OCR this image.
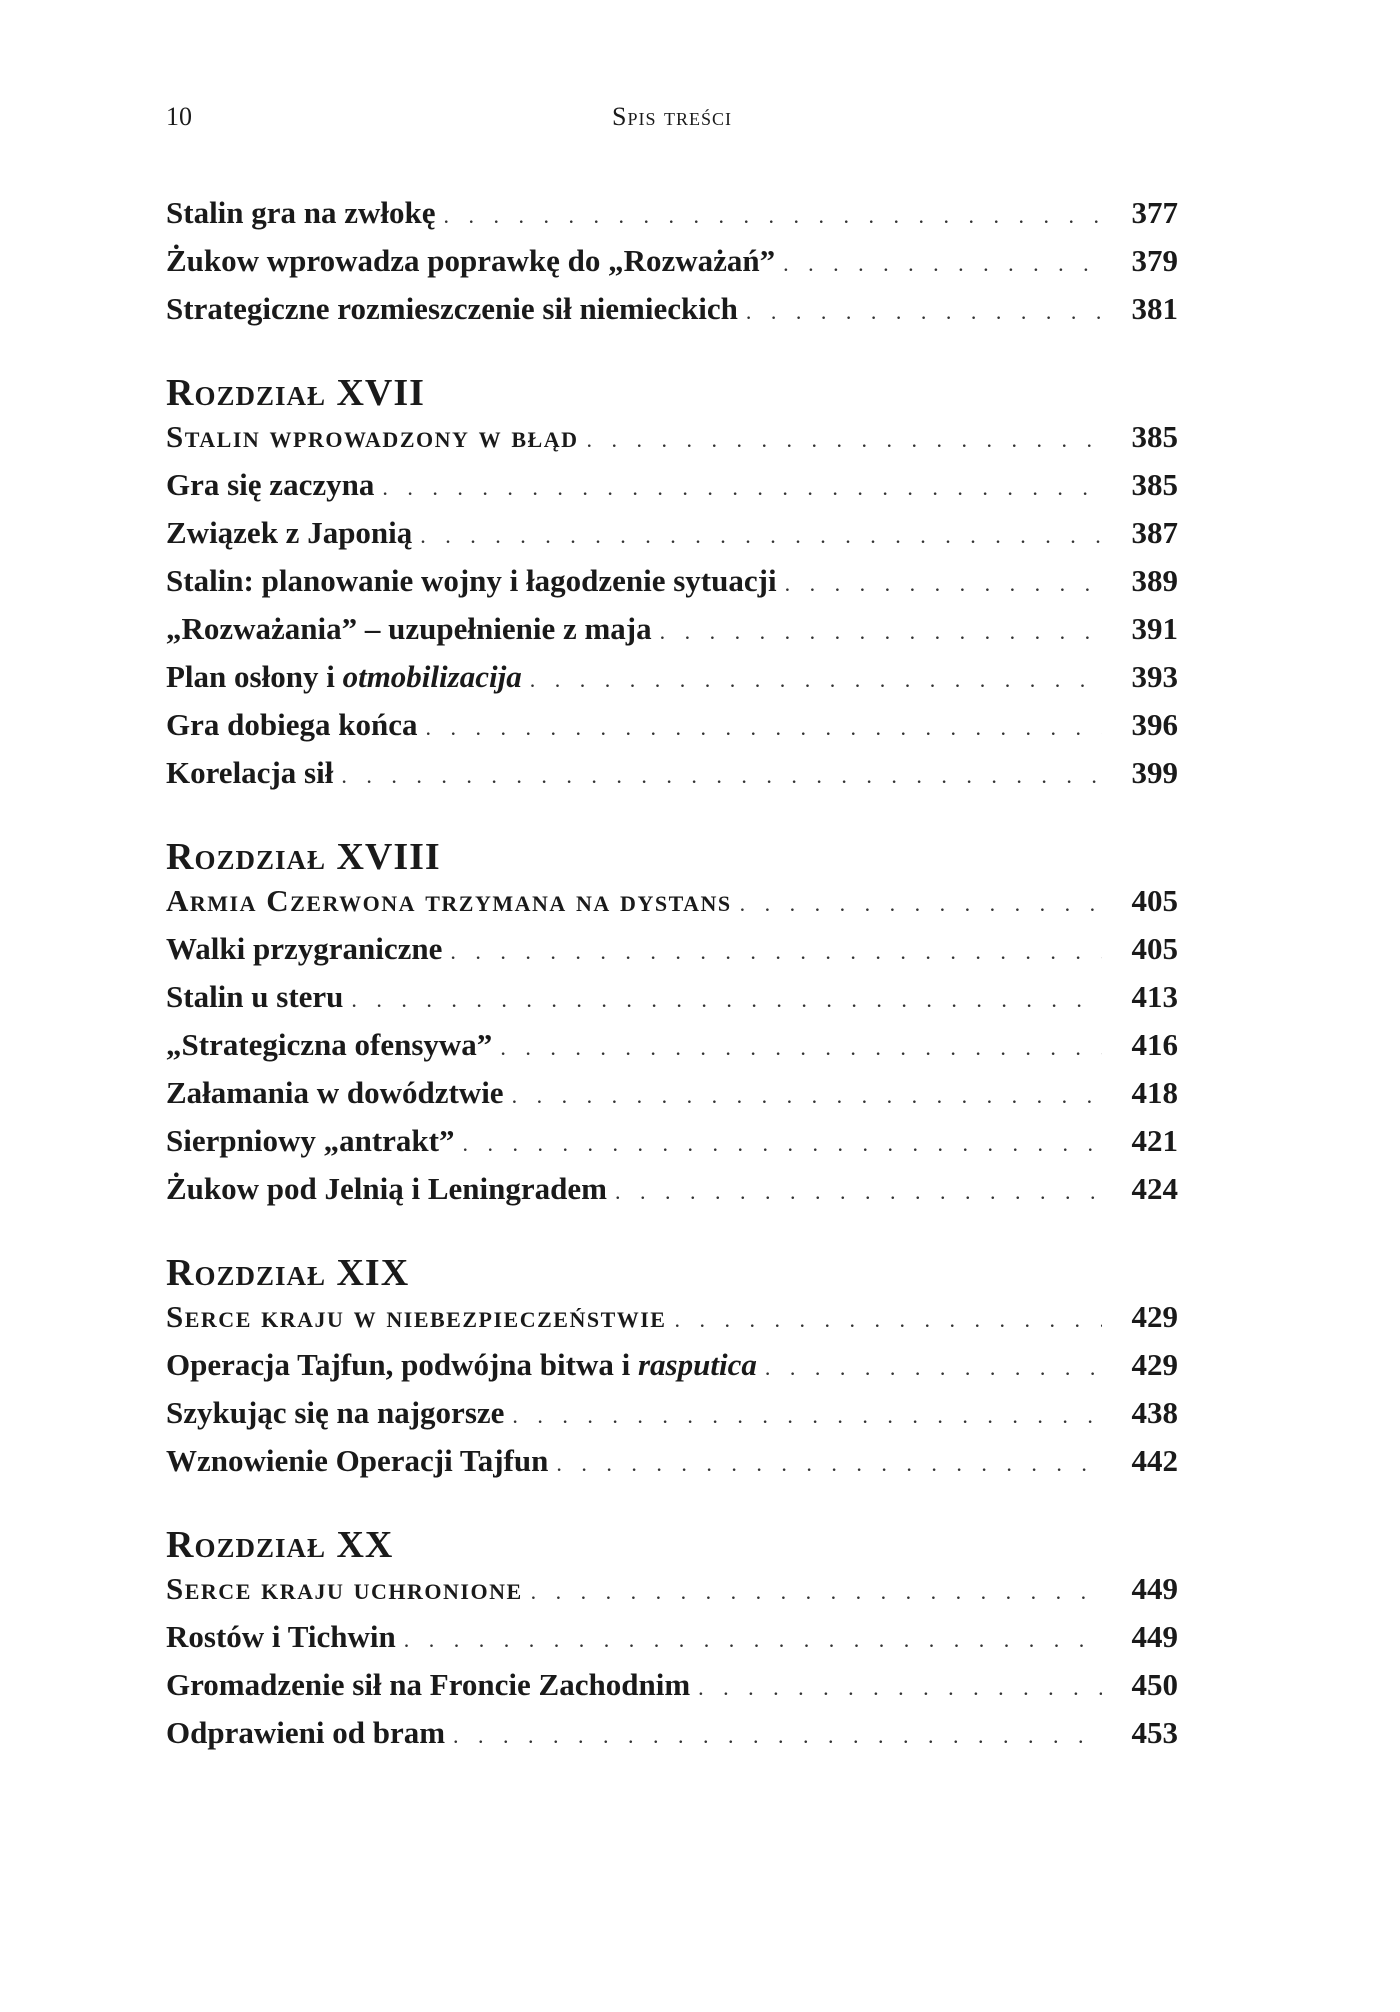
10	Spis treści
Stalin gra na zwłokę . . .	377
Żukow wprowadza poprawkę do „Rozważań” . . .	379
Strategiczne rozmieszczenie sił niemieckich . . .	381
Rozdział XVII
Stalin wprowadzony w błąd . . .	385
Gra się zaczyna . . .	385
Związek z Japonią . . .	387
Stalin: planowanie wojny i łagodzenie sytuacji . . .	389
„Rozważania” – uzupełnienie z maja . . .	391
Plan osłony i otmobilizacija . . .	393
Gra dobiega końca . . .	396
Korelacja sił . . .	399
Rozdział XVIII
Armia Czerwona trzymana na dystans . . .	405
Walki przygraniczne . . .	405
Stalin u steru . . .	413
„Strategiczna ofensywa” . . .	416
Załamania w dowództwie . . .	418
Sierpniowy „antrakt” . . .	421
Żukow pod Jelnią i Leningradem . . .	424
Rozdział XIX
Serce kraju w niebezpieczeństwie . . .	429
Operacja Tajfun, podwójna bitwa i rasputica . . .	429
Szykując się na najgorsze . . .	438
Wznowienie Operacji Tajfun . . .	442
Rozdział XX
Serce kraju uchronione . . .	449
Rostów i Tichwin . . .	449
Gromadzenie sił na Froncie Zachodnim . . .	450
Odprawieni od bram . . .	453
